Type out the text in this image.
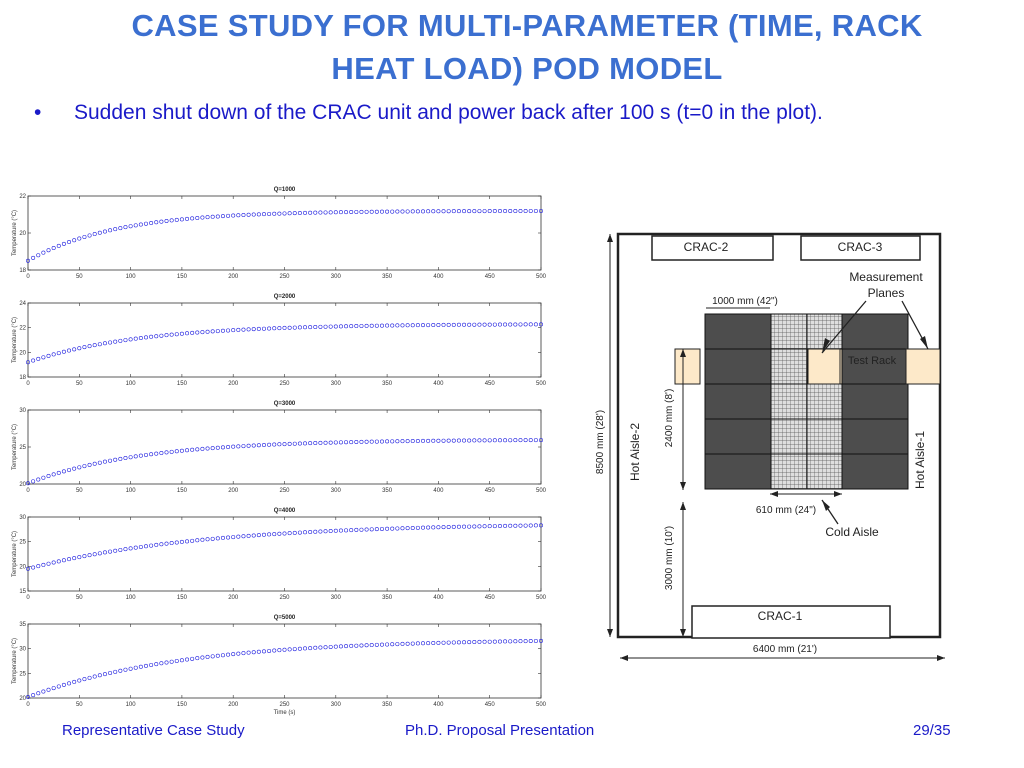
CASE STUDY FOR MULTI-PARAMETER (TIME, RACK
HEAT LOAD) POD MODEL
• Sudden shut down of the CRAC unit and power back after 100 s (t=0 in the plot).
Q=1000
0	50	100	150	200	250	300	350	400	450	500
18
20
22
Temperature (°C)
Q=2000
0	50	100	150	200	250	300	350	400	450	500
18
20
22
24
Temperature (°C)
Q=3000
0	50	100	150	200	250	300	350	400	450	500
20
25
30
Temperature (°C)
Q=4000
0	50	100	150	200	250	300	350	400	450	500
15
20
25
30
Temperature (°C)
Q=5000
0	50	100	150	200	250	300	350	400	450	500
20
25
30
35
Temperature (°C)
Time (s)
CRAC-2	CRAC-3
CRAC-1
Test Rack
Measurement
Planes
1000 mm (42")
8500 mm (28')	2400 mm (8')
3000 mm (10')
Hot Aisle-2	Hot Aisle-1
610 mm (24")
Cold Aisle
6400 mm (21')
Representative Case Study	Ph.D. Proposal Presentation	29/35
